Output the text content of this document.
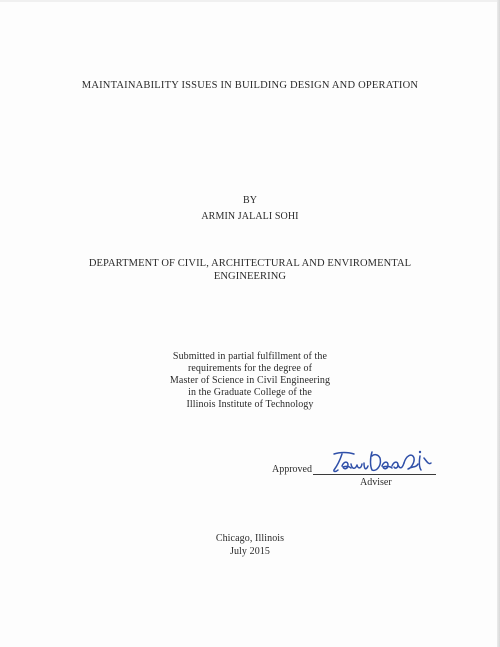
MAINTAINABILITY ISSUES IN BUILDING DESIGN AND OPERATION
BY
ARMIN JALALI SOHI
DEPARTMENT OF CIVIL, ARCHITECTURAL AND ENVIROMENTAL
ENGINEERING
Submitted in partial fulfillment of the
requirements for the degree of
Master of Science in Civil Engineering
in the Graduate College of the
Illinois Institute of Technology
Approved
Adviser
Chicago, Illinois
July 2015
